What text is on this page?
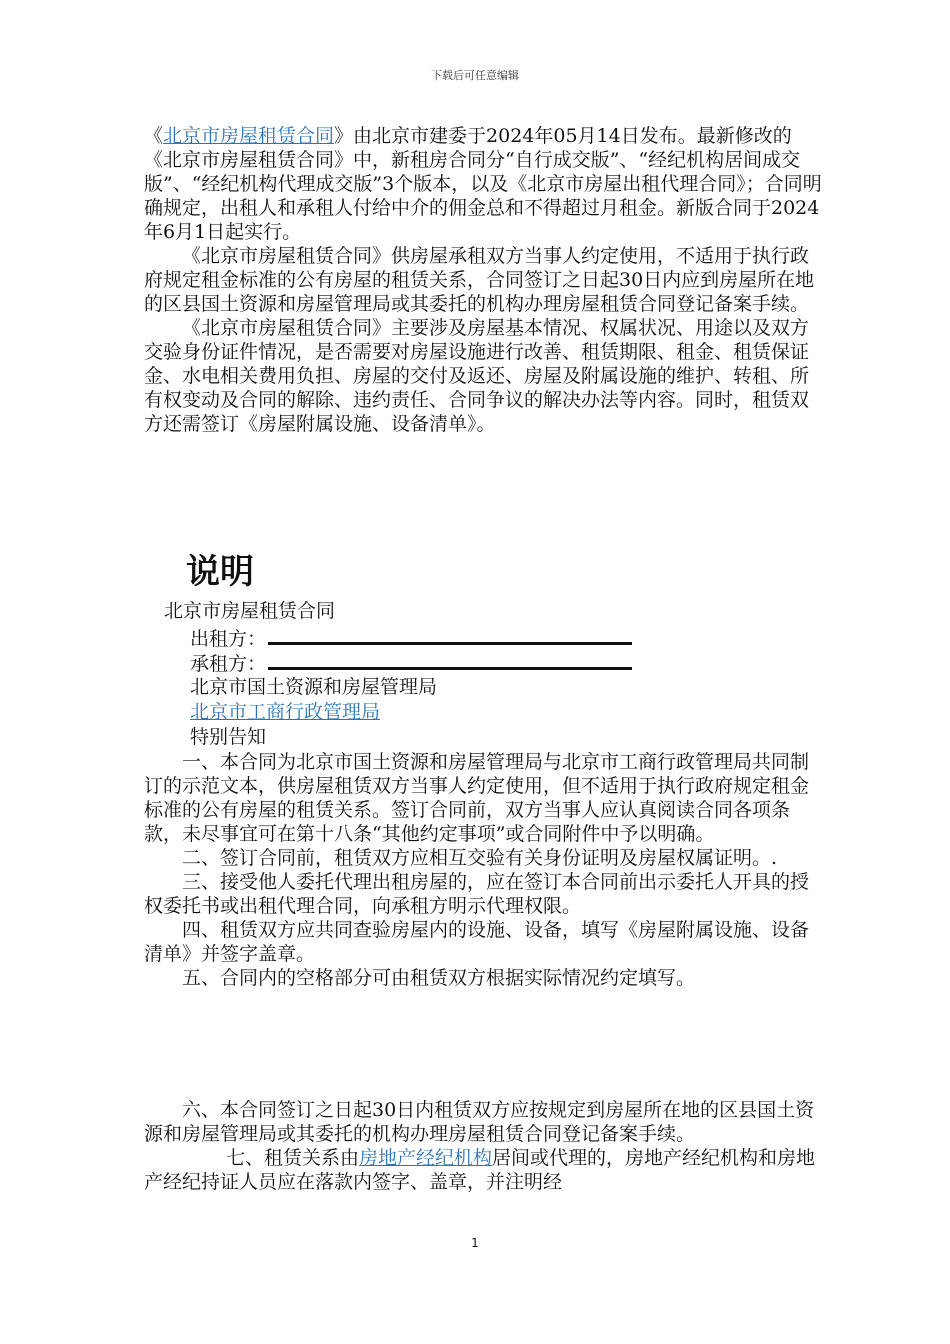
下载后可任意编辑

《北京市房屋租赁合同》由北京市建委于2024年05月14日发布。最新修改的《北京市房屋租赁合同》中，新租房合同分“自行成交版”、“经纪机构居间成交版”、“经纪机构代理成交版”3个版本，以及《北京市房屋出租代理合同》；合同明确规定，出租人和承租人付给中介的佣金总和不得超过月租金。新版合同于2024年6月1日起实行。

《北京市房屋租赁合同》供房屋承租双方当事人约定使用，不适用于执行政府规定租金标准的公有房屋的租赁关系，合同签订之日起30日内应到房屋所在地的区县国土资源和房屋管理局或其委托的机构办理房屋租赁合同登记备案手续。

《北京市房屋租赁合同》主要涉及房屋基本情况、权属状况、用途以及双方交验身份证件情况，是否需要对房屋设施进行改善、租赁期限、租金、租赁保证金、水电相关费用负担、房屋的交付及返还、房屋及附属设施的维护、转租、所有权变动及合同的解除、违约责任、合同争议的解决办法等内容。同时，租赁双方还需签订《房屋附属设施、设备清单》。

说明
北京市房屋租赁合同
出租方：
承租方：
北京市国土资源和房屋管理局
北京市工商行政管理局
特别告知

一、本合同为北京市国土资源和房屋管理局与北京市工商行政管理局共同制订的示范文本，供房屋租赁双方当事人约定使用，但不适用于执行政府规定租金标准的公有房屋的租赁关系。签订合同前，双方当事人应认真阅读合同各项条款，未尽事宜可在第十八条“其他约定事项”或合同附件中予以明确。

二、签订合同前，租赁双方应相互交验有关身份证明及房屋权属证明。.

三、接受他人委托代理出租房屋的，应在签订本合同前出示委托人开具的授权委托书或出租代理合同，向承租方明示代理权限。

四、租赁双方应共同查验房屋内的设施、设备，填写《房屋附属设施、设备清单》并签字盖章。

五、合同内的空格部分可由租赁双方根据实际情况约定填写。

六、本合同签订之日起30日内租赁双方应按规定到房屋所在地的区县国土资源和房屋管理局或其委托的机构办理房屋租赁合同登记备案手续。

七、租赁关系由房地产经纪机构居间或代理的，房地产经纪机构和房地产经纪持证人员应在落款内签字、盖章，并注明经

1
